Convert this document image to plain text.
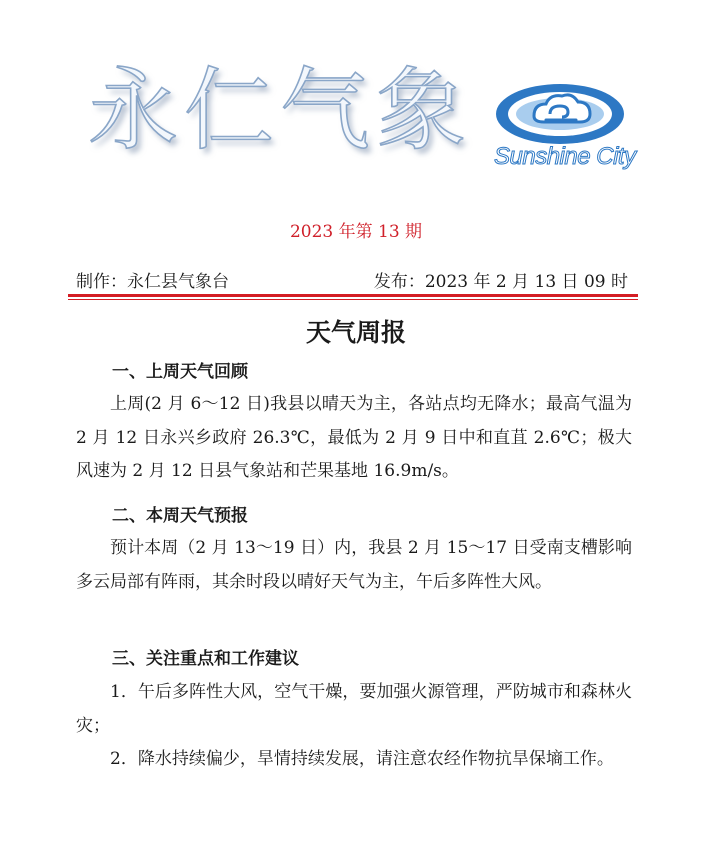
永仁气象 Sunshine City
2023 年第 13 期
制作：永仁县气象台	发布：2023 年 2 月 13 日 09 时
天气周报
一、上周天气回顾
上周(2 月 6～12 日)我县以晴天为主，各站点均无降水；最高气温为 2 月 12 日永兴乡政府 26.3℃，最低为 2 月 9 日中和直苴 2.6℃；极大风速为 2 月 12 日县气象站和芒果基地 16.9m/s。
二、本周天气预报
预计本周（2 月 13～19 日）内，我县 2 月 15～17 日受南支槽影响多云局部有阵雨，其余时段以晴好天气为主，午后多阵性大风。
三、关注重点和工作建议
1．午后多阵性大风，空气干燥，要加强火源管理，严防城市和森林火灾；
2．降水持续偏少，旱情持续发展，请注意农经作物抗旱保墒工作。
